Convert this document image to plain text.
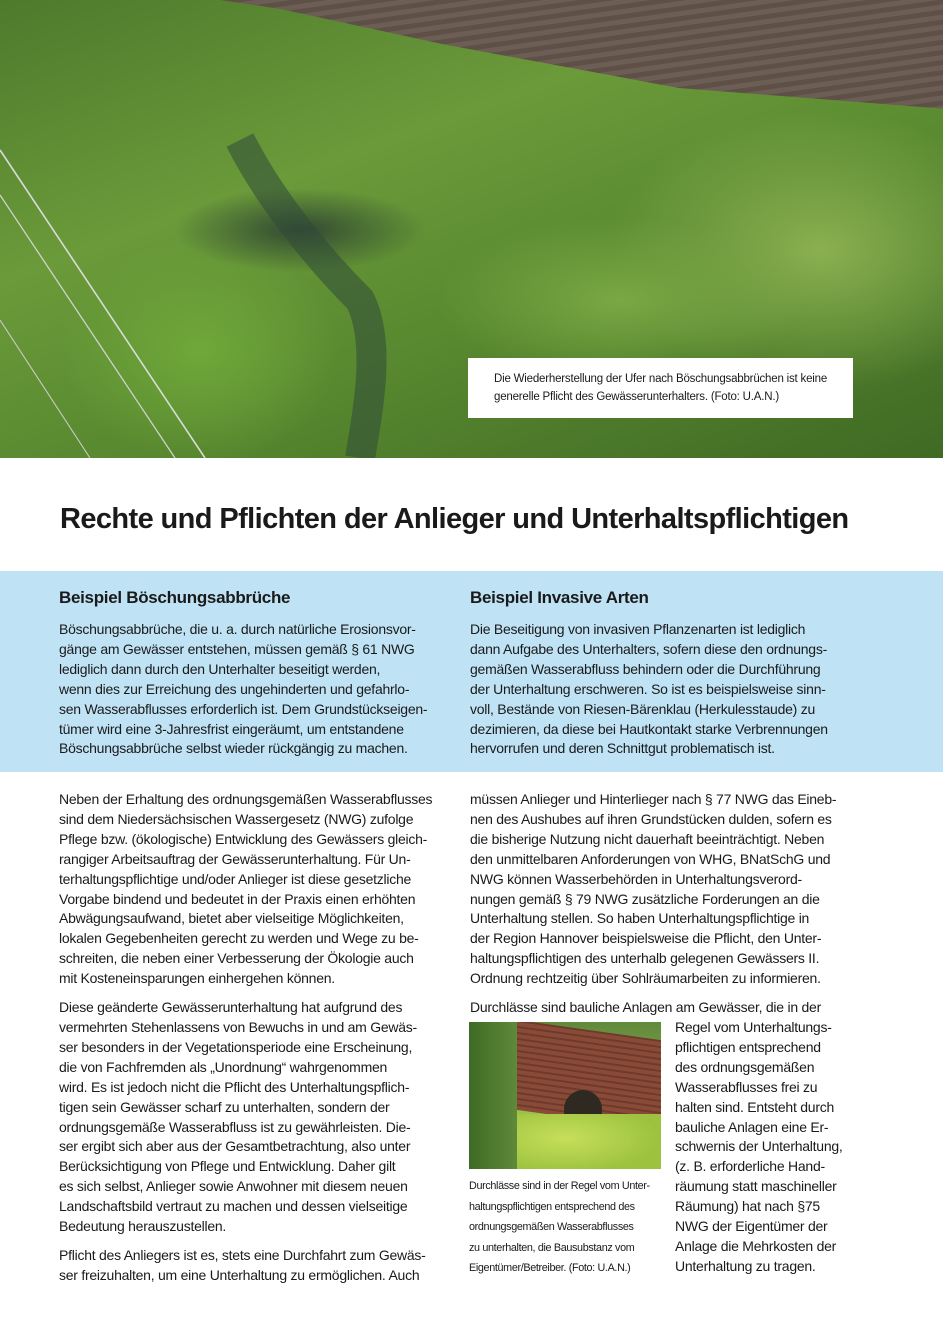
Die Wiederherstellung der Ufer nach Böschungsabbrüchen ist keine
generelle Pflicht des Gewässerunterhalters. (Foto: U.A.N.)
Rechte und Pflichten der Anlieger und Unterhaltspflichtigen
Beispiel Böschungsabbrüche

Böschungsabbrüche, die u. a. durch natürliche Erosionsvor-
gänge am Gewässer entstehen, müssen gemäß § 61 NWG
lediglich dann durch den Unterhalter beseitigt werden,
wenn dies zur Erreichung des ungehinderten und gefahrlo-
sen Wasserabflusses erforderlich ist. Dem Grundstückseigen-
tümer wird eine 3-Jahresfrist eingeräumt, um entstandene
Böschungsabbrüche selbst wieder rückgängig zu machen.

Beispiel Invasive Arten

Die Beseitigung von invasiven Pflanzenarten ist lediglich
dann Aufgabe des Unterhalters, sofern diese den ordnungs-
gemäßen Wasserabfluss behindern oder die Durchführung
der Unterhaltung erschweren. So ist es beispielsweise sinn-
voll, Bestände von Riesen-Bärenklau (Herkulesstaude) zu
dezimieren, da diese bei Hautkontakt starke Verbrennungen
hervorrufen und deren Schnittgut problematisch ist.

Neben der Erhaltung des ordnungsgemäßen Wasserabflusses
sind dem Niedersächsischen Wassergesetz (NWG) zufolge
Pflege bzw. (ökologische) Entwicklung des Gewässers gleich-
rangiger Arbeitsauftrag der Gewässerunterhaltung. Für Un-
terhaltungspflichtige und/oder Anlieger ist diese gesetzliche
Vorgabe bindend und bedeutet in der Praxis einen erhöhten
Abwägungsaufwand, bietet aber vielseitige Möglichkeiten,
lokalen Gegebenheiten gerecht zu werden und Wege zu be-
schreiten, die neben einer Verbesserung der Ökologie auch
mit Kosteneinsparungen einhergehen können.

Diese geänderte Gewässerunterhaltung hat aufgrund des
vermehrten Stehenlassens von Bewuchs in und am Gewäs-
ser besonders in der Vegetationsperiode eine Erscheinung,
die von Fachfremden als „Unordnung“ wahrgenommen
wird. Es ist jedoch nicht die Pflicht des Unterhaltungspflich-
tigen sein Gewässer scharf zu unterhalten, sondern der
ordnungsgemäße Wasserabfluss ist zu gewährleisten. Die-
ser ergibt sich aber aus der Gesamtbetrachtung, also unter
Berücksichtigung von Pflege und Entwicklung. Daher gilt
es sich selbst, Anlieger sowie Anwohner mit diesem neuen
Landschaftsbild vertraut zu machen und dessen vielseitige
Bedeutung herauszustellen.

Pflicht des Anliegers ist es, stets eine Durchfahrt zum Gewäs-
ser freizuhalten, um eine Unterhaltung zu ermöglichen. Auch

müssen Anlieger und Hinterlieger nach § 77 NWG das Eineb-
nen des Aushubes auf ihren Grundstücken dulden, sofern es
die bisherige Nutzung nicht dauerhaft beeinträchtigt. Neben
den unmittelbaren Anforderungen von WHG, BNatSchG und
NWG können Wasserbehörden in Unterhaltungsverord-
nungen gemäß § 79 NWG zusätzliche Forderungen an die
Unterhaltung stellen. So haben Unterhaltungspflichtige in
der Region Hannover beispielsweise die Pflicht, den Unter-
haltungspflichtigen des unterhalb gelegenen Gewässers II.
Ordnung rechtzeitig über Sohlräumarbeiten zu informieren.

Durchlässe sind bauliche Anlagen am Gewässer, die in der

Durchlässe sind in der Regel vom Unter-
haltungspflichtigen entsprechend des
ordnungsgemäßen Wasserabflusses
zu unterhalten, die Bausubstanz vom
Eigentümer/Betreiber. (Foto: U.A.N.)

Regel vom Unterhaltungs-
pflichtigen entsprechend
des ordnungsgemäßen
Wasserabflusses frei zu
halten sind. Entsteht durch
bauliche Anlagen eine Er-
schwernis der Unterhaltung,
(z. B. erforderliche Hand-
räumung statt maschineller
Räumung) hat nach §75
NWG der Eigentümer der
Anlage die Mehrkosten der
Unterhaltung zu tragen.
